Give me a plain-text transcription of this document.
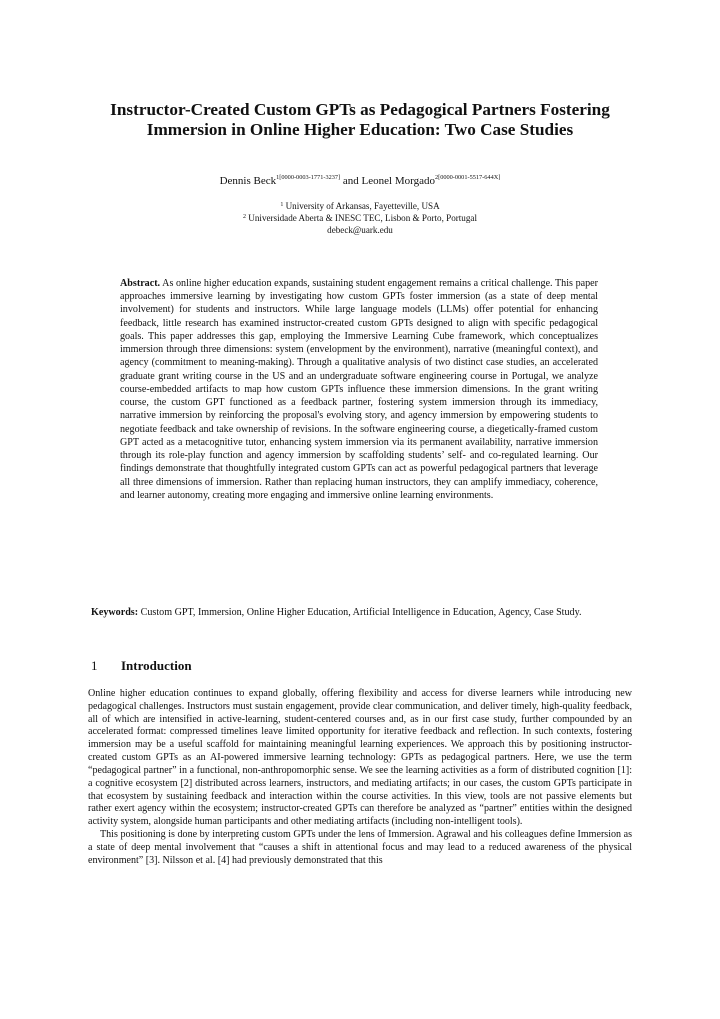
Instructor-Created Custom GPTs as Pedagogical Partners Fostering Immersion in Online Higher Education: Two Case Studies
Dennis Beck$^{1[0000-0003-1771-3237]}$ and Leonel Morgado$^{2[0000-0001-5517-644X]}$
$^1$ University of Arkansas, Fayetteville, USA
$^2$ Universidade Aberta & INESC TEC, Lisbon & Porto, Portugal
debeck@uark.edu
Abstract. As online higher education expands, sustaining student engagement remains a critical challenge. This paper approaches immersive learning by investigating how custom GPTs foster immersion (as a state of deep mental involvement) for students and instructors. While large language models (LLMs) offer potential for enhancing feedback, little research has examined instructor-created custom GPTs designed to align with specific pedagogical goals. This paper addresses this gap, employing the Immersive Learning Cube framework, which conceptualizes immersion through three dimensions: system (envelopment by the environment), narrative (meaningful context), and agency (commitment to meaning-making). Through a qualitative analysis of two distinct case studies, an accelerated graduate grant writing course in the US and an undergraduate software engineering course in Portugal, we analyze course-embedded artifacts to map how custom GPTs influence these immersion dimensions. In the grant writing course, the custom GPT functioned as a feedback partner, fostering system immersion through its immediacy, narrative immersion by reinforcing the proposal's evolving story, and agency immersion by empowering students to negotiate feedback and take ownership of revisions. In the software engineering course, a diegetically-framed custom GPT acted as a metacognitive tutor, enhancing system immersion via its permanent availability, narrative immersion through its role-play function and agency immersion by scaffolding students’ self- and co-regulated learning. Our findings demonstrate that thoughtfully integrated custom GPTs can act as powerful pedagogical partners that leverage all three dimensions of immersion. Rather than replacing human instructors, they can amplify immediacy, coherence, and learner autonomy, creating more engaging and immersive online learning environments.
Keywords: Custom GPT, Immersion, Online Higher Education, Artificial Intelligence in Education, Agency, Case Study.
1 Introduction

Online higher education continues to expand globally, offering flexibility and access for diverse learners while introducing new pedagogical challenges. Instructors must sustain engagement, provide clear communication, and deliver timely, high-quality feedback, all of which are intensified in active-learning, student-centered courses and, as in our first case study, further compounded by an accelerated format: compressed timelines leave limited opportunity for iterative feedback and reflection. In such contexts, fostering immersion may be a useful scaffold for maintaining meaningful learning experiences. We approach this by positioning instructor-created custom GPTs as an AI-powered immersive learning technology: GPTs as pedagogical partners. Here, we use the term “pedagogical partner” in a functional, non-anthropomorphic sense. We see the learning activities as a form of distributed cognition [1]: a cognitive ecosystem [2] distributed across learners, instructors, and mediating artifacts; in our cases, the custom GPTs participate in that ecosystem by sustaining feedback and interaction within the course activities. In this view, tools are not passive elements but rather exert agency within the ecosystem; instructor-created GPTs can therefore be analyzed as “partner” entities within the designed activity system, alongside human participants and other mediating artifacts (including non-intelligent tools).

This positioning is done by interpreting custom GPTs under the lens of Immersion. Agrawal and his colleagues define Immersion as a state of deep mental involvement that “causes a shift in attentional focus and may lead to a reduced awareness of the physical environment” [3]. Nilsson et al. [4] had previously demonstrated that this
